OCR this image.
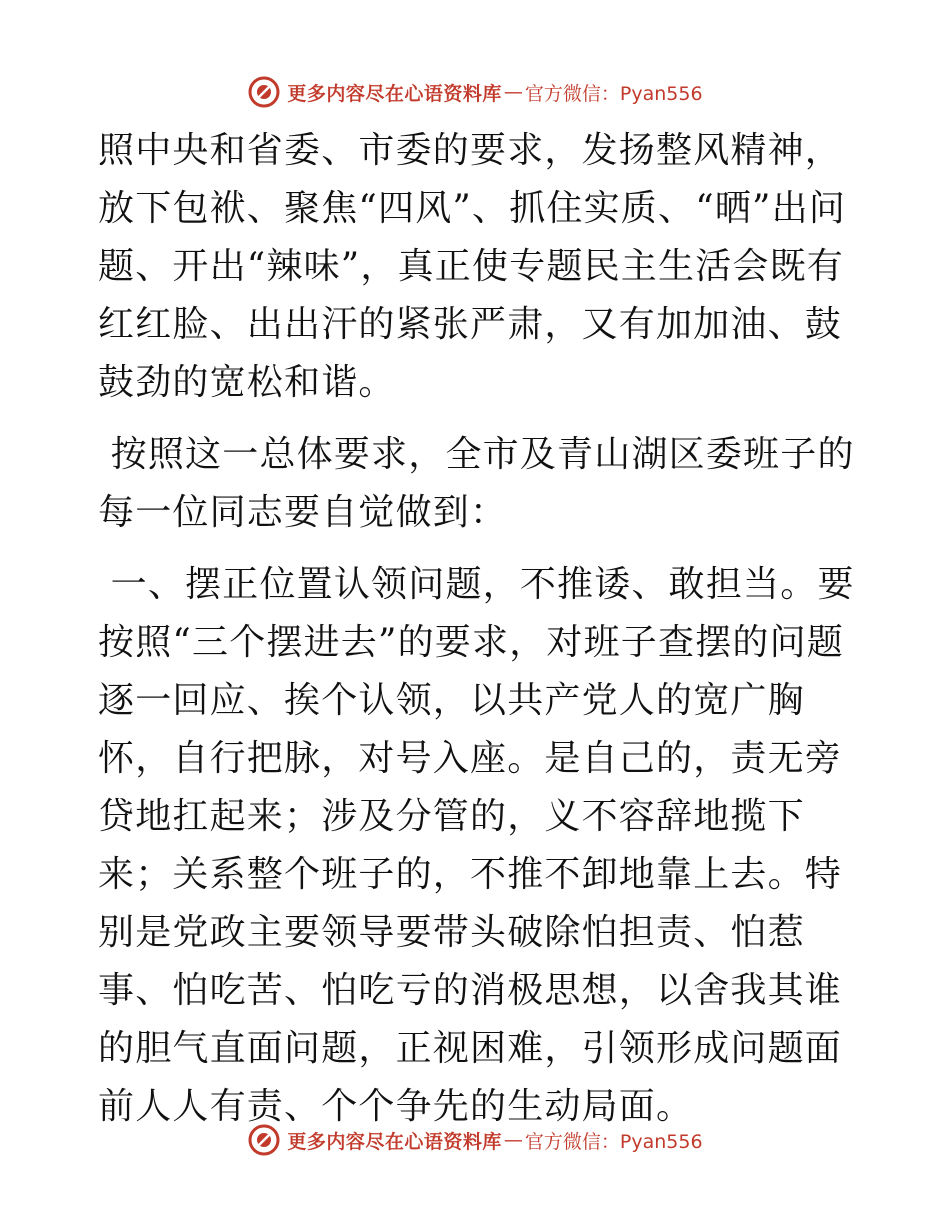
更多内容尽在心语资料库 — 官方微信：Pyan556

照中央和省委、市委的要求，发扬整风精神，放下包袱、聚焦“四风”、抓住实质、“晒”出问题、开出“辣味”，真正使专题民主生活会既有红红脸、出出汗的紧张严肃，又有加加油、鼓鼓劲的宽松和谐。

按照这一总体要求，全市及青山湖区委班子的每一位同志要自觉做到：

一、摆正位置认领问题，不推诿、敢担当。要按照“三个摆进去”的要求，对班子查摆的问题逐一回应、挨个认领，以共产党人的宽广胸怀，自行把脉，对号入座。是自己的，责无旁贷地扛起来；涉及分管的，义不容辞地揽下来；关系整个班子的，不推不卸地靠上去。特别是党政主要领导要带头破除怕担责、怕惹事、怕吃苦、怕吃亏的消极思想，以舍我其谁的胆气直面问题，正视困难，引领形成问题面前人人有责、个个争先的生动局面。

更多内容尽在心语资料库 — 官方微信：Pyan556
